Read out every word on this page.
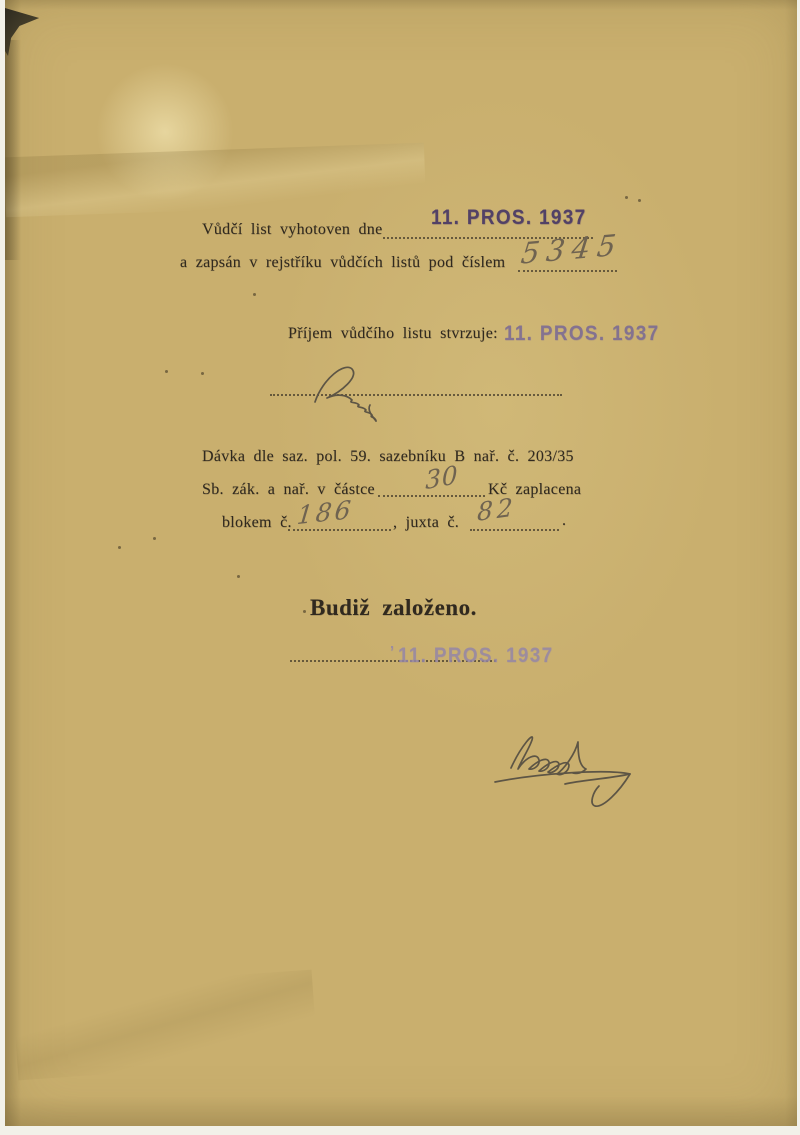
Vůdčí list vyhotoven dne
11. PROS. 1937
a zapsán v rejstříku vůdčích listů pod číslem 5345
Příjem vůdčího listu stvrzuje: 11. PROS. 1937
Dávka dle saz. pol. 59. sazebníku B nař. č. 203/35
Sb. zák. a nař. v částce 30 Kč zaplacena
blokem č. 186 , juxta č. 82	.
Budiž založeno.
’ 11. PROS. 1937
